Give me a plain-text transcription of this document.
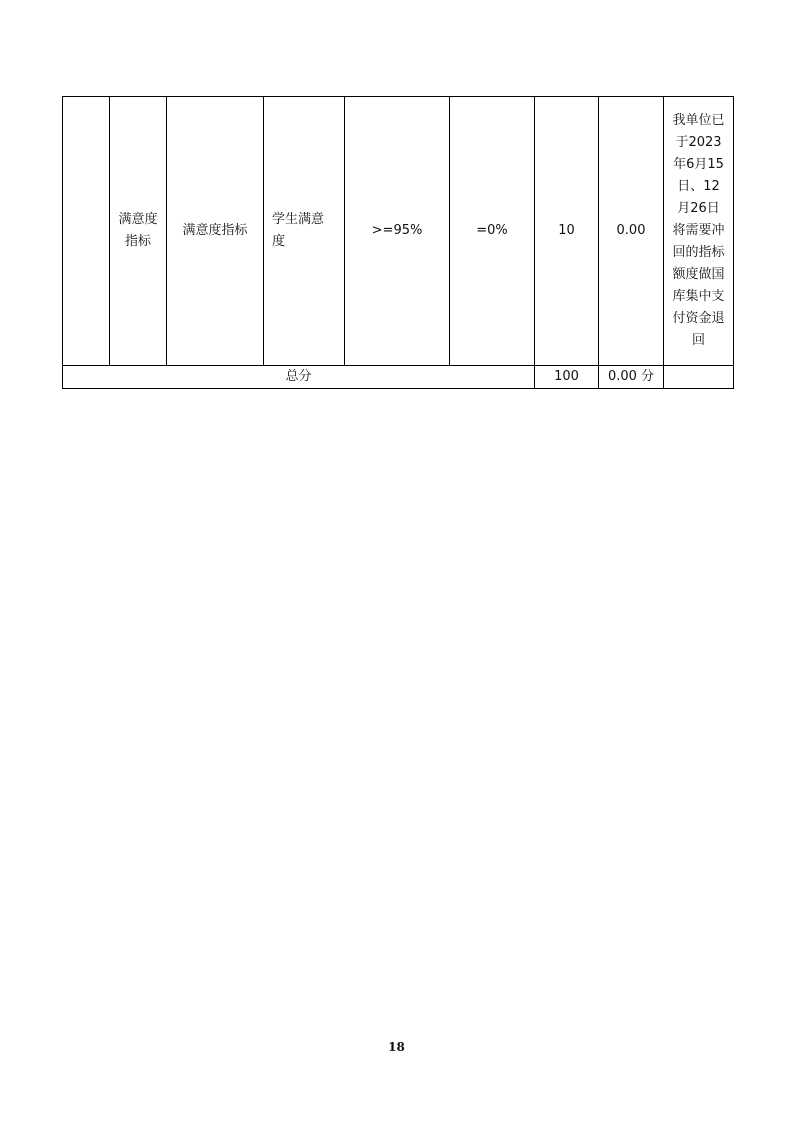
	满意度指标	满意度指标	学生满意度	>=95%	=0%	10	0.00	我单位已于2023年6月15日、12月26日将需要冲回的指标额度做国库集中支付资金退回
总分						100	0.00 分	
18
